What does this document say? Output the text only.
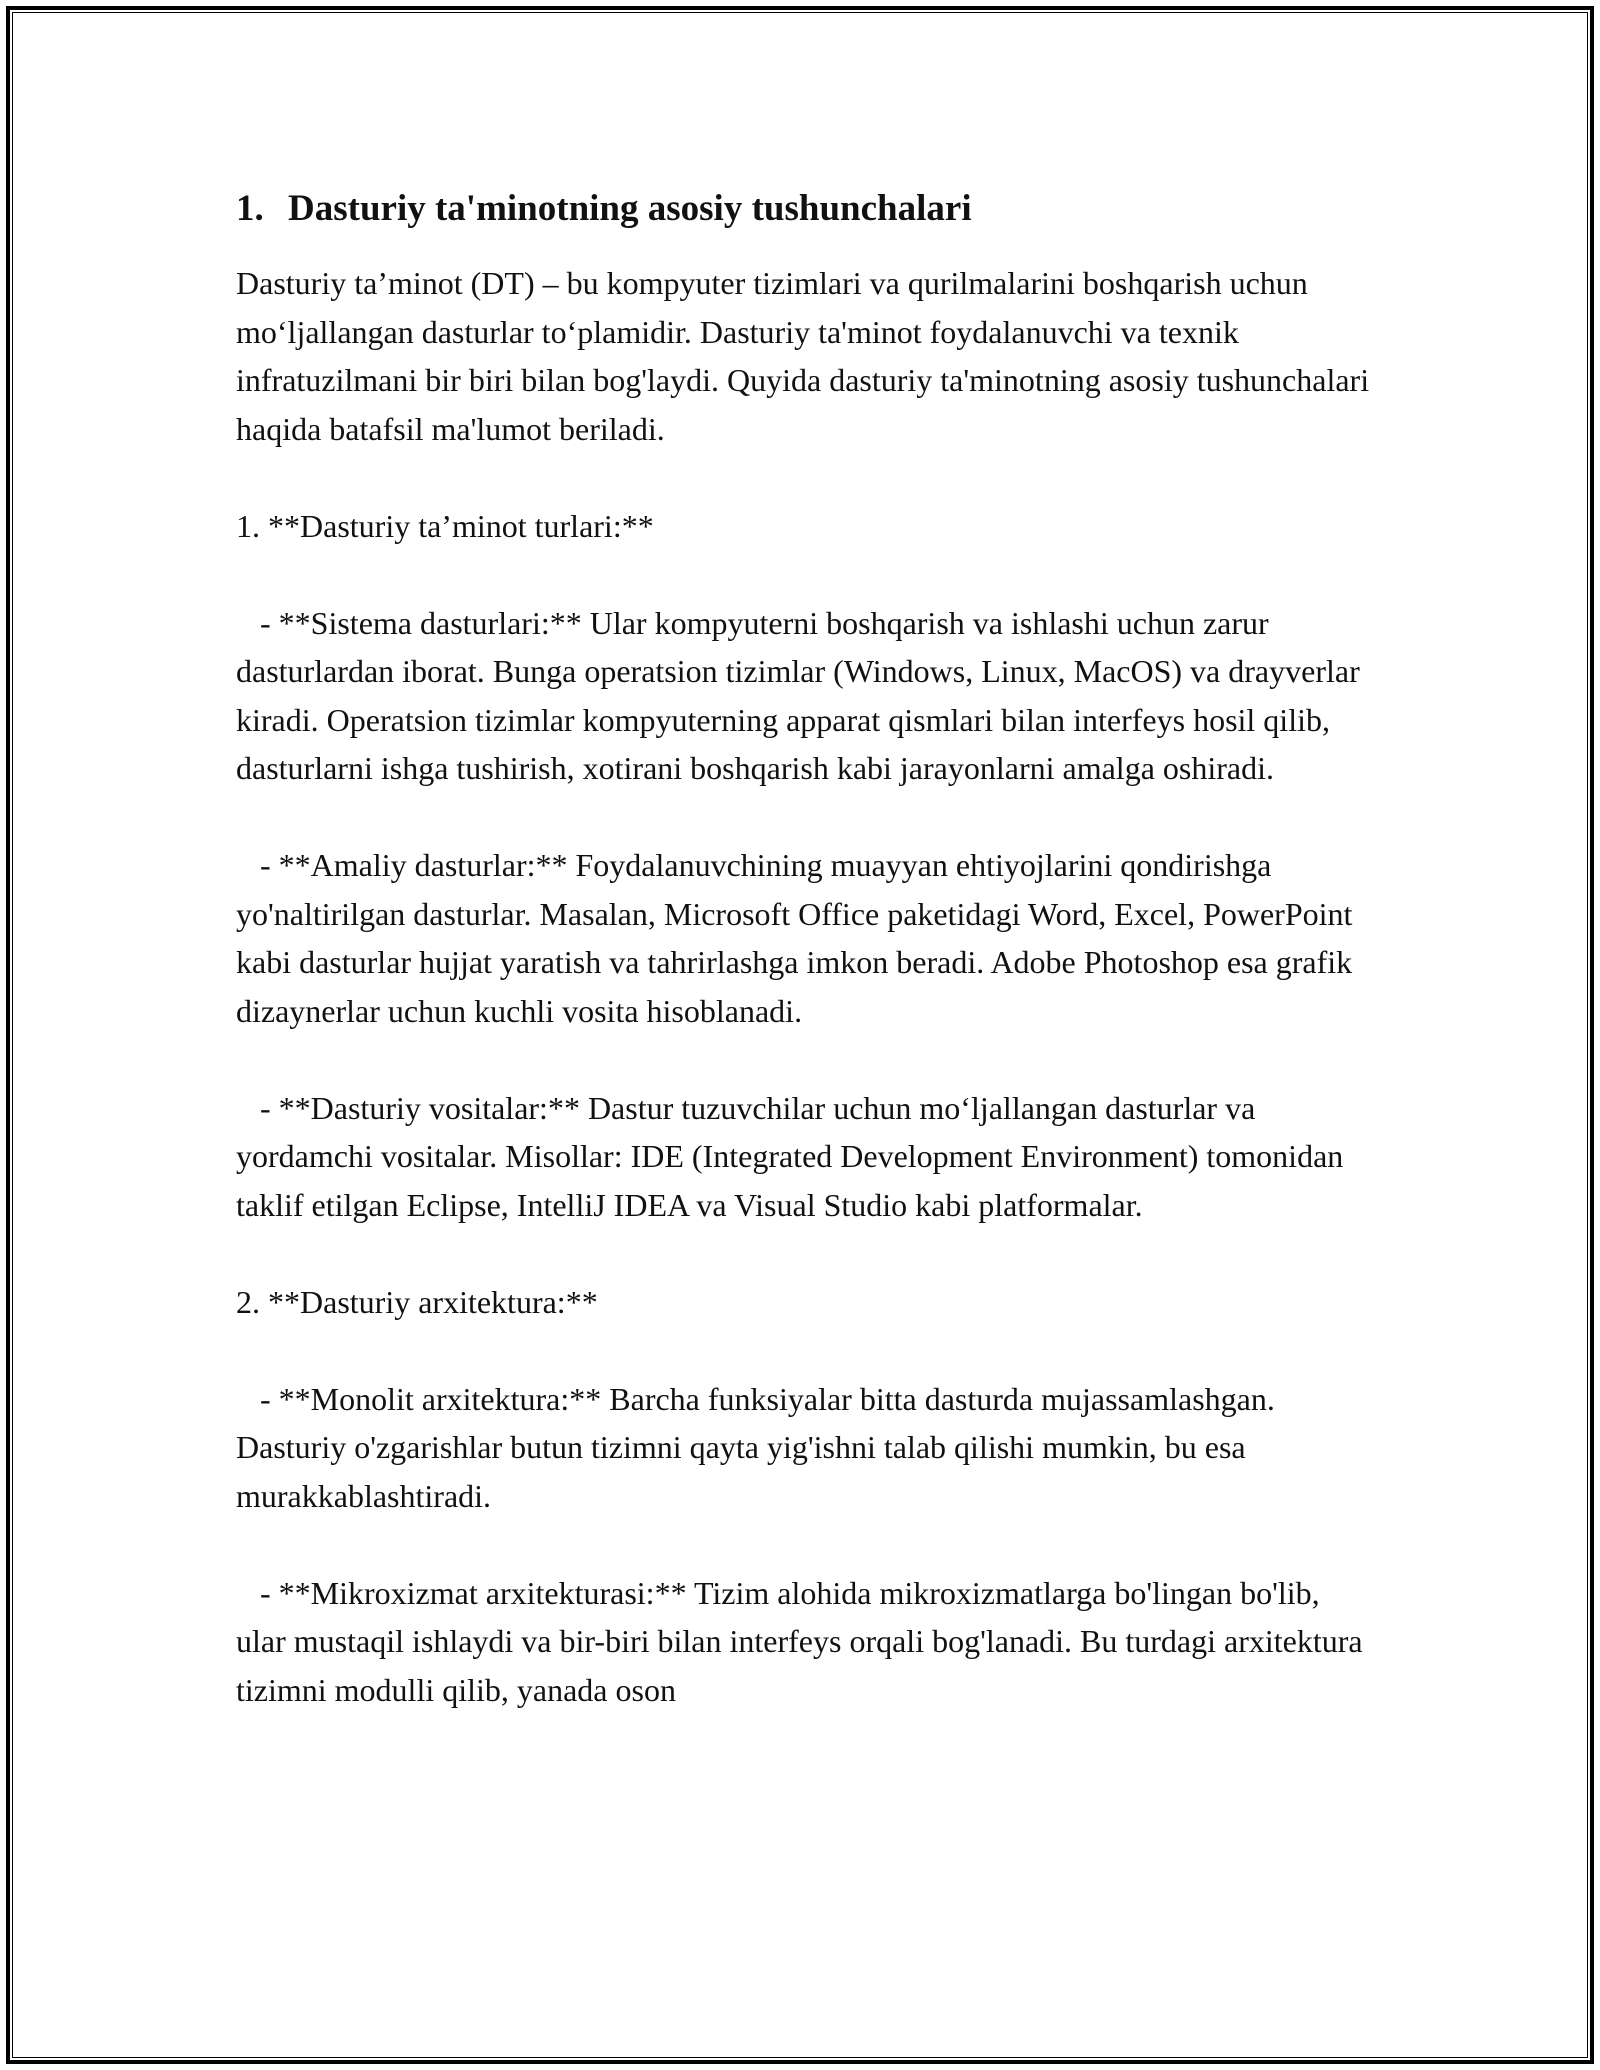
1. Dasturiy ta'minotning asosiy tushunchalari

Dasturiy ta’minot (DT) – bu kompyuter tizimlari va qurilmalarini boshqarish uchun mo‘ljallangan dasturlar to‘plamidir. Dasturiy ta'minot foydalanuvchi va texnik infratuzilmani bir biri bilan bog'laydi. Quyida dasturiy ta'minotning asosiy tushunchalari haqida batafsil ma'lumot beriladi.

1. **Dasturiy ta’minot turlari:**

- **Sistema dasturlari:** Ular kompyuterni boshqarish va ishlashi uchun zarur dasturlardan iborat. Bunga operatsion tizimlar (Windows, Linux, MacOS) va drayverlar kiradi. Operatsion tizimlar kompyuterning apparat qismlari bilan interfeys hosil qilib, dasturlarni ishga tushirish, xotirani boshqarish kabi jarayonlarni amalga oshiradi.

- **Amaliy dasturlar:** Foydalanuvchining muayyan ehtiyojlarini qondirishga yo'naltirilgan dasturlar. Masalan, Microsoft Office paketidagi Word, Excel, PowerPoint kabi dasturlar hujjat yaratish va tahrirlashga imkon beradi. Adobe Photoshop esa grafik dizaynerlar uchun kuchli vosita hisoblanadi.

- **Dasturiy vositalar:** Dastur tuzuvchilar uchun mo‘ljallangan dasturlar va yordamchi vositalar. Misollar: IDE (Integrated Development Environment) tomonidan taklif etilgan Eclipse, IntelliJ IDEA va Visual Studio kabi platformalar.

2. **Dasturiy arxitektura:**

- **Monolit arxitektura:** Barcha funksiyalar bitta dasturda mujassamlashgan. Dasturiy o'zgarishlar butun tizimni qayta yig'ishni talab qilishi mumkin, bu esa murakkablashtiradi.

- **Mikroxizmat arxitekturasi:** Tizim alohida mikroxizmatlarga bo'lingan bo'lib, ular mustaqil ishlaydi va bir-biri bilan interfeys orqali bog'lanadi. Bu turdagi arxitektura tizimni modulli qilib, yanada oson
